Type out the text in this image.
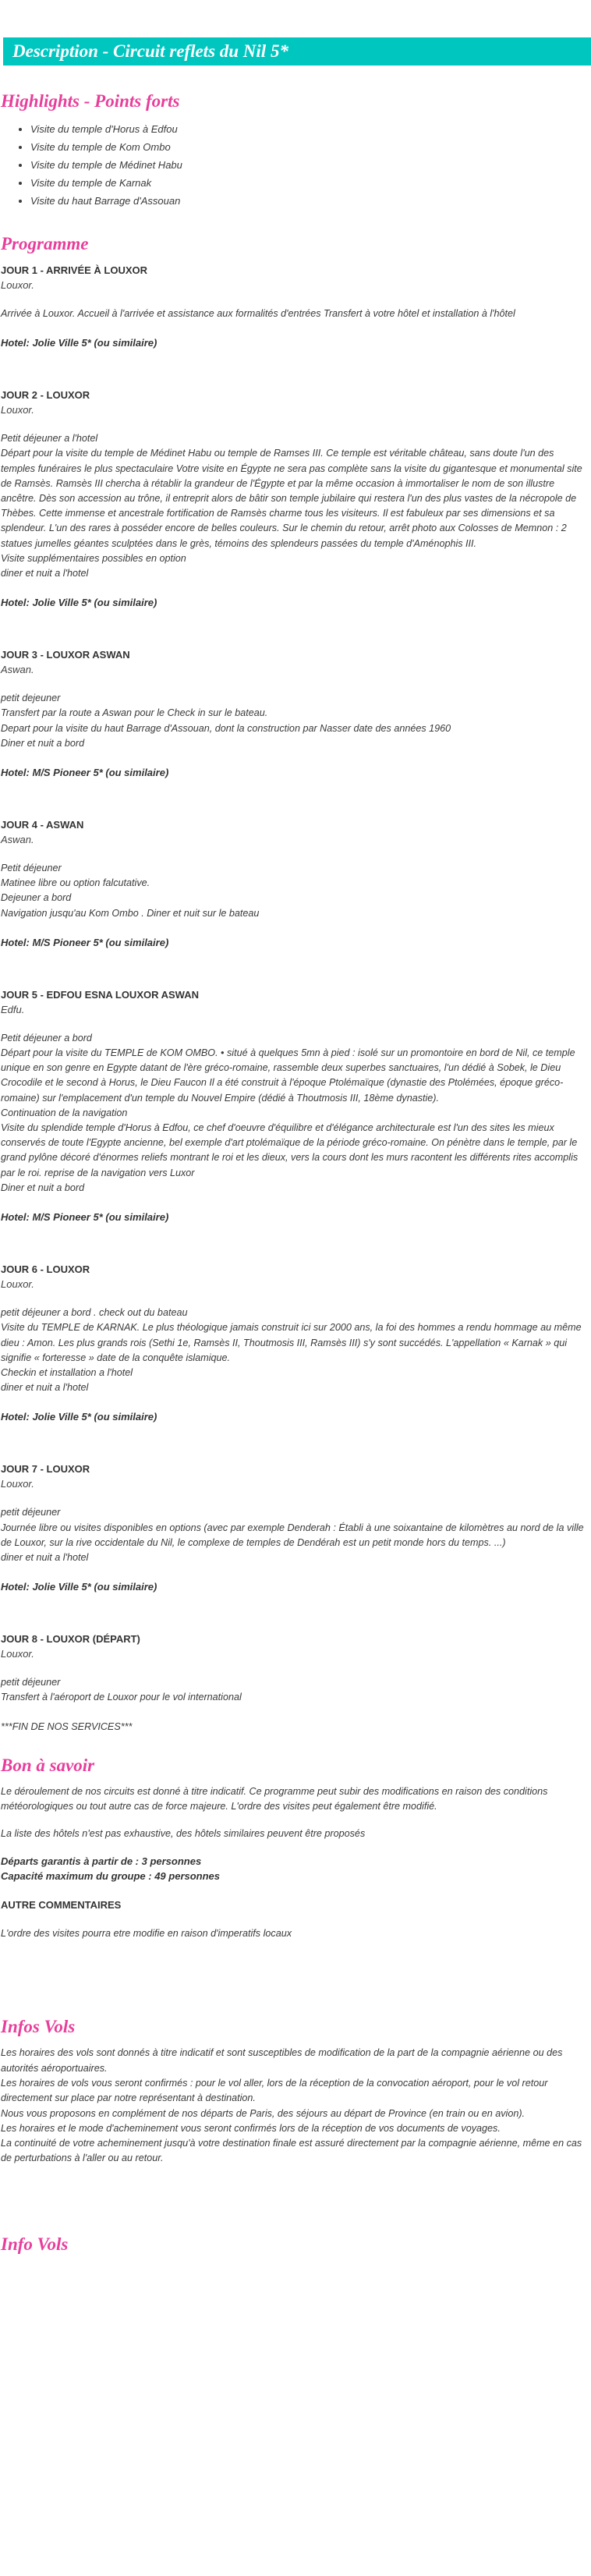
Description - Circuit reflets du Nil 5*
Highlights - Points forts
• Visite du temple d'Horus à Edfou
• Visite du temple de Kom Ombo
• Visite du temple de Médinet Habu
• Visite du temple de Karnak
• Visite du haut Barrage d'Assouan
Programme
JOUR 1 - ARRIVÉE À LOUXOR
Louxor.
Arrivée à Louxor. Accueil à l'arrivée et assistance aux formalités d'entrées Transfert à votre hôtel et installation à l'hôtel
Hotel: Jolie Ville 5* (ou similaire)
JOUR 2 - LOUXOR
Louxor.
Petit déjeuner a l'hotel
Départ pour la visite du temple de Médinet Habu ou temple de Ramses III. Ce temple est véritable château, sans doute l'un des temples funéraires le plus spectaculaire Votre visite en Égypte ne sera pas complète sans la visite du gigantesque et monumental site de Ramsès. Ramsès III chercha à rétablir la grandeur de l'Égypte et par la même occasion à immortaliser le nom de son illustre ancêtre. Dès son accession au trône, il entreprit alors de bâtir son temple jubilaire qui restera l'un des plus vastes de la nécropole de Thèbes. Cette immense et ancestrale fortification de Ramsès charme tous les visiteurs. Il est fabuleux par ses dimensions et sa splendeur. L'un des rares à posséder encore de belles couleurs. Sur le chemin du retour, arrêt photo aux Colosses de Memnon : 2 statues jumelles géantes sculptées dans le grès, témoins des splendeurs passées du temple d'Aménophis III.
Visite supplémentaires possibles en option
diner et nuit a l'hotel
Hotel: Jolie Ville 5* (ou similaire)
JOUR 3 - LOUXOR ASWAN
Aswan.
petit dejeuner
Transfert par la route a Aswan pour le Check in sur le bateau.
Depart pour la visite du haut Barrage d'Assouan, dont la construction par Nasser date des années 1960
Diner et nuit a bord
Hotel: M/S Pioneer 5* (ou similaire)
JOUR 4 - ASWAN
Aswan.
Petit déjeuner
Matinee libre ou option falcutative.
Dejeuner a bord
Navigation jusqu'au Kom Ombo . Diner et nuit sur le bateau
Hotel: M/S Pioneer 5* (ou similaire)
JOUR 5 - EDFOU ESNA LOUXOR ASWAN
Edfu.
Petit déjeuner a bord
Départ pour la visite du TEMPLE de KOM OMBO. • situé à quelques 5mn à pied : isolé sur un promontoire en bord de Nil, ce temple unique en son genre en Egypte datant de l'ère gréco-romaine, rassemble deux superbes sanctuaires, l'un dédié à Sobek, le Dieu Crocodile et le second à Horus, le Dieu Faucon Il a été construit à l'époque Ptolémaïque (dynastie des Ptolémées, époque gréco-romaine) sur l'emplacement d'un temple du Nouvel Empire (dédié à Thoutmosis III, 18ème dynastie).
Continuation de la navigation
Visite du splendide temple d'Horus à Edfou, ce chef d'oeuvre d'équilibre et d'élégance architecturale est l'un des sites les mieux conservés de toute l'Egypte ancienne, bel exemple d'art ptolémaïque de la période gréco-romaine. On pénètre dans le temple, par le grand pylône décoré d'énormes reliefs montrant le roi et les dieux, vers la cours dont les murs racontent les différents rites accomplis par le roi. reprise de la navigation vers Luxor
Diner et nuit a bord
Hotel: M/S Pioneer 5* (ou similaire)
JOUR 6 - LOUXOR
Louxor.
petit déjeuner a bord . check out du bateau
Visite du TEMPLE de KARNAK. Le plus théologique jamais construit ici sur 2000 ans, la foi des hommes a rendu hommage au même dieu : Amon. Les plus grands rois (Sethi 1e, Ramsès II, Thoutmosis III, Ramsès III) s'y sont succédés. L'appellation « Karnak » qui signifie « forteresse » date de la conquête islamique.
Checkin et installation a l'hotel
diner et nuit a l'hotel
Hotel: Jolie Ville 5* (ou similaire)
JOUR 7 - LOUXOR
Louxor.
petit déjeuner
Journée libre ou visites disponibles en options (avec par exemple Denderah : Établi à une soixantaine de kilomètres au nord de la ville de Louxor, sur la rive occidentale du Nil, le complexe de temples de Dendérah est un petit monde hors du temps. ...)
diner et nuit a l'hotel
Hotel: Jolie Ville 5* (ou similaire)
JOUR 8 - LOUXOR (DÉPART)
Louxor.
petit déjeuner
Transfert à l'aéroport de Louxor pour le vol international
***FIN DE NOS SERVICES***
Bon à savoir

Le déroulement de nos circuits est donné à titre indicatif. Ce programme peut subir des modifications en raison des conditions météorologiques ou tout autre cas de force majeure. L'ordre des visites peut également être modifié.

La liste des hôtels n'est pas exhaustive, des hôtels similaires peuvent être proposés

Départs garantis à partir de : 3 personnes
Capacité maximum du groupe : 49 personnes
AUTRE COMMENTAIRES

L'ordre des visites pourra etre modifie en raison d'imperatifs locaux

Infos Vols
Les horaires des vols sont donnés à titre indicatif et sont susceptibles de modification de la part de la compagnie aérienne ou des autorités aéroportuaires.
Les horaires de vols vous seront confirmés : pour le vol aller, lors de la réception de la convocation aéroport, pour le vol retour directement sur place par notre représentant à destination.
Nous vous proposons en complément de nos départs de Paris, des séjours au départ de Province (en train ou en avion).
Les horaires et le mode d'acheminement vous seront confirmés lors de la réception de vos documents de voyages.
La continuité de votre acheminement jusqu'à votre destination finale est assuré directement par la compagnie aérienne, même en cas de perturbations à l'aller ou au retour.
Info Vols
